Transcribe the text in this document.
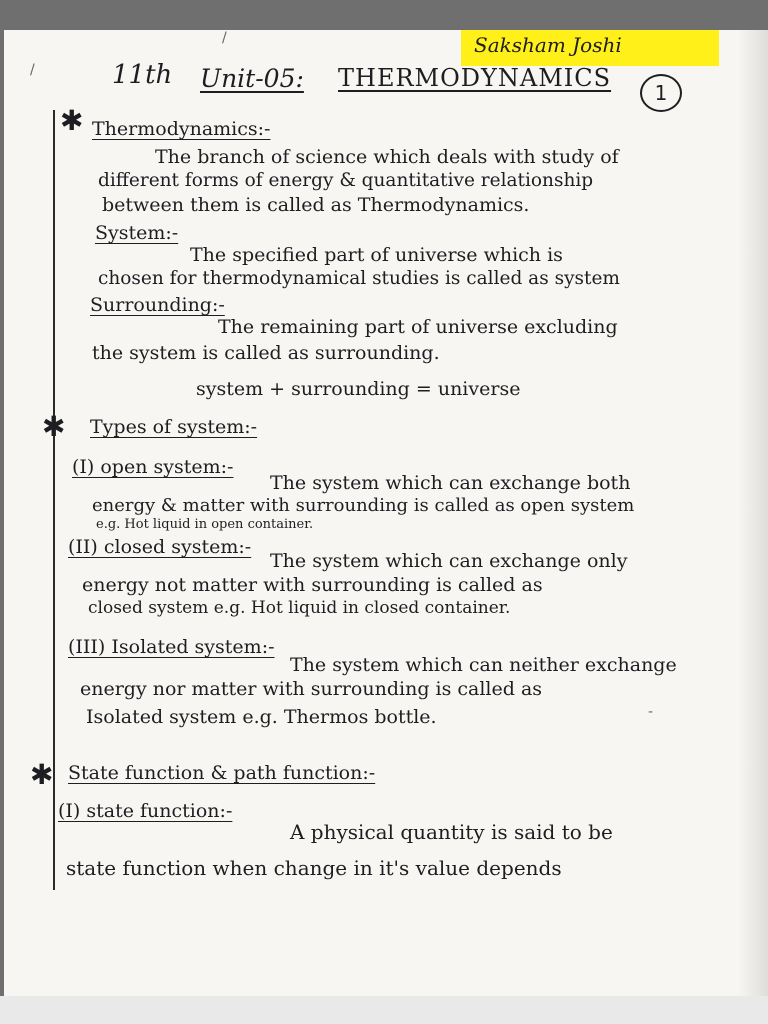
Saksham Joshi

11th Unit-05: THERMODYNAMICS

1
✱ Thermodynamics:-

The branch of science which deals with study of

different forms of energy & quantitative relationship

between them is called as Thermodynamics.

System:-

The specified part of universe which is

chosen for thermodynamical studies is called as system

Surrounding:-

The remaining part of universe excluding

the system is called as surrounding.

system + surrounding = universe

✱ Types of system:-

(I) open system:-

The system which can exchange both

energy & matter with surrounding is called as open system

e.g. Hot liquid in open container.

(II) closed system:-

The system which can exchange only

energy not matter with surrounding is called as

closed system e.g. Hot liquid in closed container.

(III) Isolated system:-

The system which can neither exchange

energy nor matter with surrounding is called as

Isolated system e.g. Thermos bottle.

✱ State function & path function:-

(I) state function:-

A physical quantity is said to be

state function when change in it's value depends

/
/
-
